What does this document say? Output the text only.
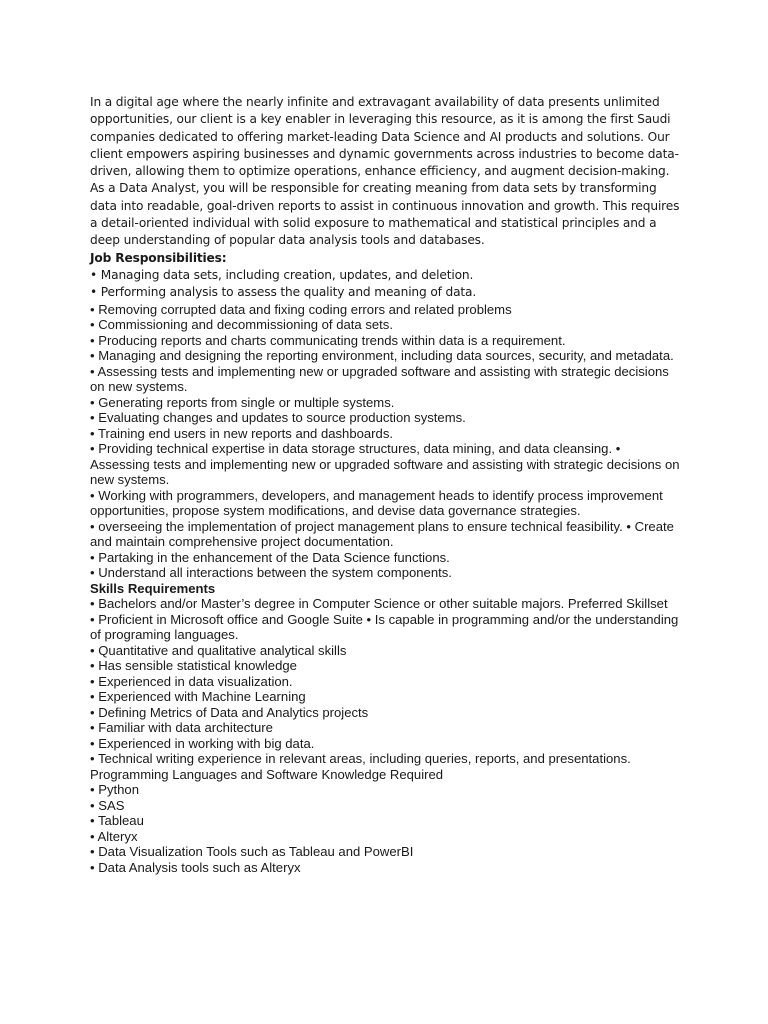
In a digital age where the nearly infinite and extravagant availability of data presents unlimited opportunities, our client is a key enabler in leveraging this resource, as it is among the first Saudi companies dedicated to offering market-leading Data Science and AI products and solutions. Our client empowers aspiring businesses and dynamic governments across industries to become data-driven, allowing them to optimize operations, enhance efficiency, and augment decision-making. As a Data Analyst, you will be responsible for creating meaning from data sets by transforming data into readable, goal-driven reports to assist in continuous innovation and growth. This requires a detail-oriented individual with solid exposure to mathematical and statistical principles and a deep understanding of popular data analysis tools and databases.

Job Responsibilities:

• Managing data sets, including creation, updates, and deletion.
• Performing analysis to assess the quality and meaning of data.
• Removing corrupted data and fixing coding errors and related problems
• Commissioning and decommissioning of data sets.
• Producing reports and charts communicating trends within data is a requirement.
• Managing and designing the reporting environment, including data sources, security, and metadata.
• Assessing tests and implementing new or upgraded software and assisting with strategic decisions on new systems.
• Generating reports from single or multiple systems.
• Evaluating changes and updates to source production systems.
• Training end users in new reports and dashboards.
• Providing technical expertise in data storage structures, data mining, and data cleansing. • Assessing tests and implementing new or upgraded software and assisting with strategic decisions on new systems.
• Working with programmers, developers, and management heads to identify process improvement opportunities, propose system modifications, and devise data governance strategies.
• overseeing the implementation of project management plans to ensure technical feasibility. • Create and maintain comprehensive project documentation.
• Partaking in the enhancement of the Data Science functions.
• Understand all interactions between the system components.

Skills Requirements

• Bachelors and/or Master’s degree in Computer Science or other suitable majors. Preferred Skillset
• Proficient in Microsoft office and Google Suite • Is capable in programming and/or the understanding of programing languages.
• Quantitative and qualitative analytical skills
• Has sensible statistical knowledge
• Experienced in data visualization.
• Experienced with Machine Learning
• Defining Metrics of Data and Analytics projects
• Familiar with data architecture
• Experienced in working with big data.
• Technical writing experience in relevant areas, including queries, reports, and presentations.

Programming Languages and Software Knowledge Required

• Python
• SAS
• Tableau
• Alteryx
• Data Visualization Tools such as Tableau and PowerBI
• Data Analysis tools such as Alteryx
